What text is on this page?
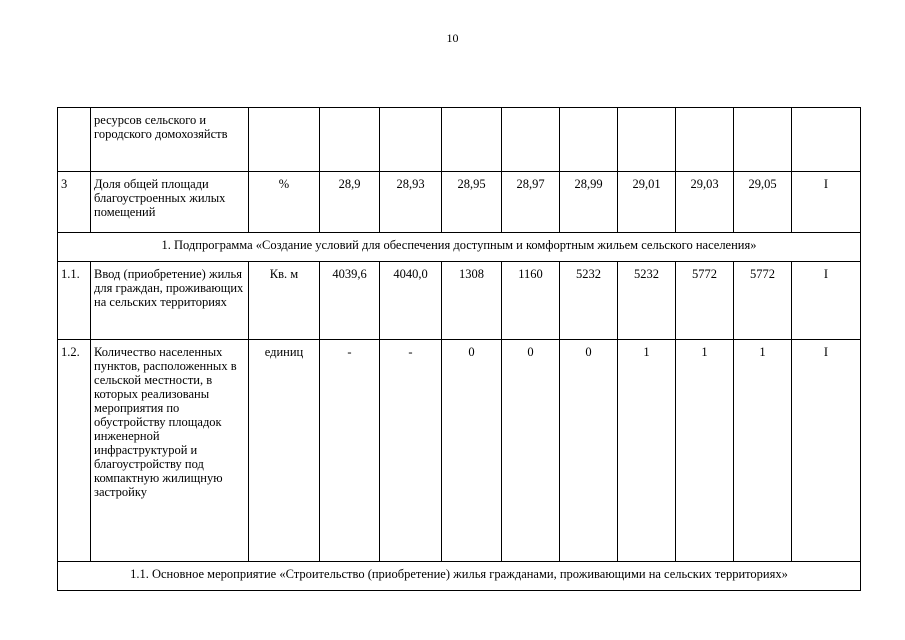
10
	ресурсов сельского и городского домохозяйств										
3	Доля общей площади благоустроенных жилых помещений	%	28,9	28,93	28,95	28,97	28,99	29,01	29,03	29,05	I
1. Подпрограмма «Создание условий для обеспечения доступным и комфортным жильем сельского населения»											
1.1.	Ввод (приобретение) жилья для граждан, проживающих на сельских территориях	Кв. м	4039,6	4040,0	1308	1160	5232	5232	5772	5772	I
1.2.	Количество населенных пунктов, расположенных в сельской местности, в которых реализованы мероприятия по обустройству площадок инженерной инфраструктурой и благоустройству под компактную жилищную застройку	единиц	-	-	0	0	0	1	1	1	I
1.1. Основное мероприятие «Строительство (приобретение) жилья гражданами, проживающими на сельских территориях»											
